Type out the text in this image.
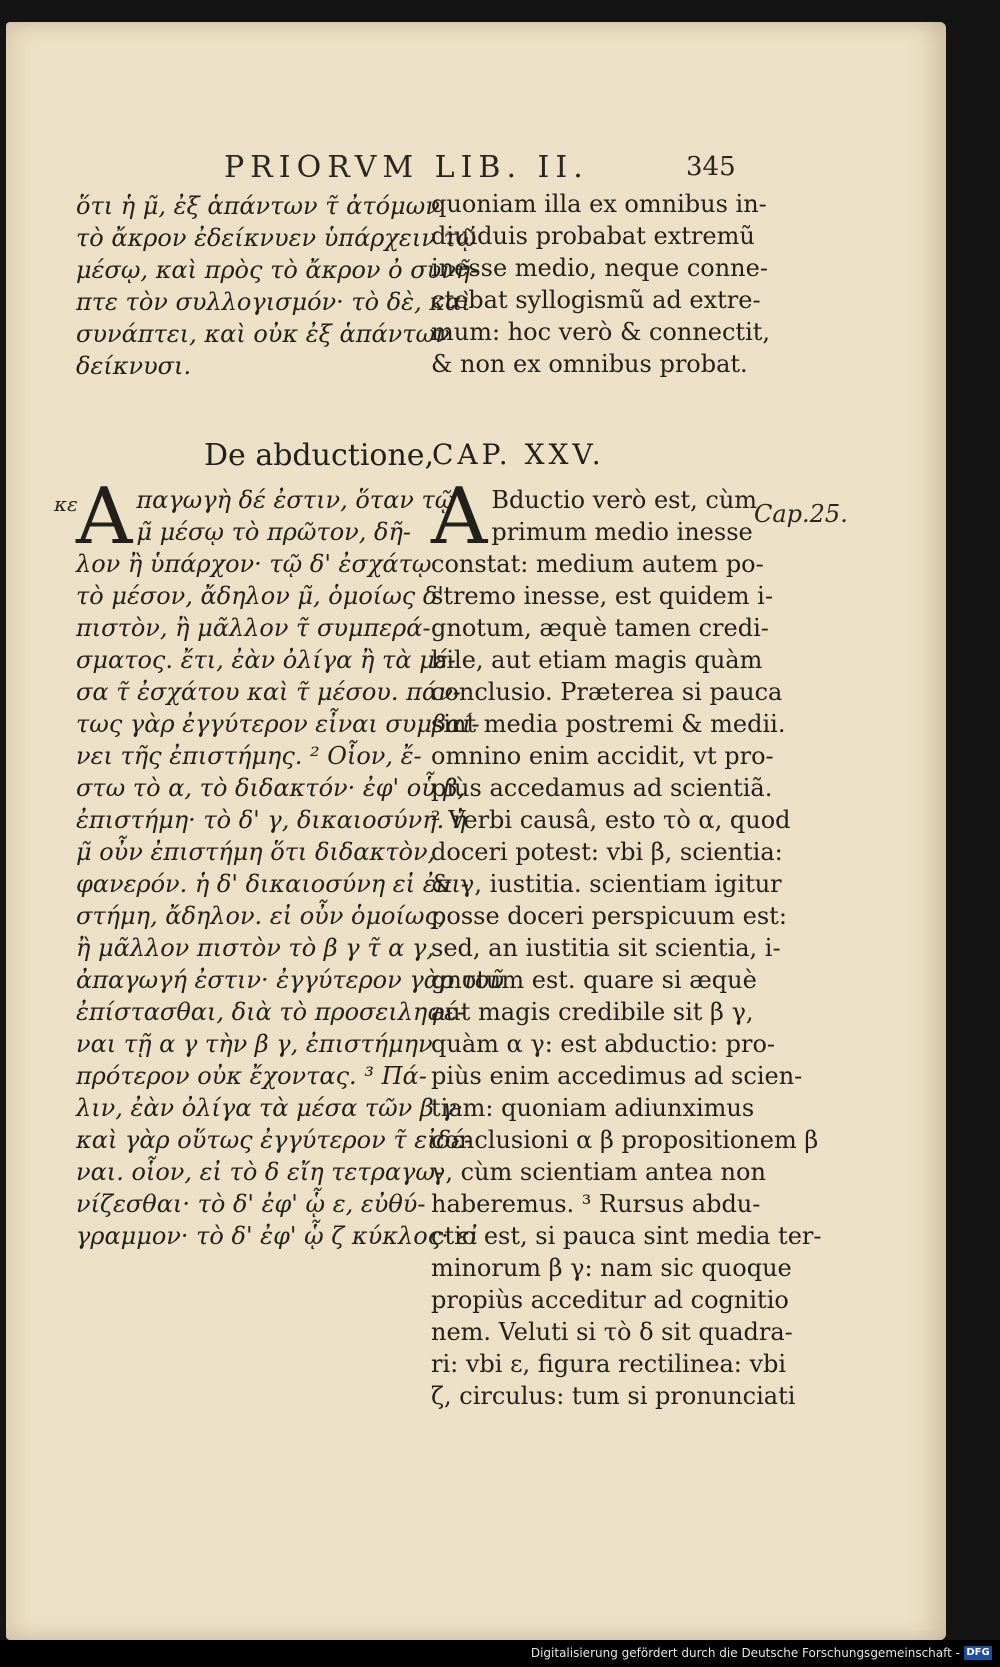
PRIORVM LIB. II.	345
ὅτι ἡ μ̃, ἐξ ἁπάντων τ̃ ἀτόμων
τὸ ἄκρον ἐδείκνυεν ὑπάρχειν τῷ
μέσῳ, καὶ πρὸς τὸ ἄκρον ὀ συνῆ-
πτε τὸν συλλογισμόν· τὸ δὲ, καὶ
συνάπτει, καὶ οὐκ ἐξ ἁπάντων
δείκνυσι.
quoniam illa ex omnibus in-
diuiduis probabat extremũ
inesse medio, neque conne-
ctebat syllogismũ ad extre-
mum: hoc verò & connectit,
& non ex omnibus probat.
De abductione,
CAP. XXV.
κε	Cap.25.
Α παγωγὴ δέ ἐστιν, ὅταν τῷ
μ̃ μέσῳ τὸ πρῶτον, δῆ-
λον ἢ ὑπάρχον· τῷ δ' ἐσχάτῳ
τὸ μέσον, ἄδηλον μ̃, ὁμοίως δ'
πιστὸν, ἢ μᾶλλον τ̃ συμπερά-
σματος. ἔτι, ἐὰν ὀλίγα ἢ τὰ μέ-
σα τ̃ ἐσχάτου καὶ τ̃ μέσου. πάν-
τως γὰρ ἐγγύτερον εἶναι συμβαί-
νει τῆς ἐπιστήμης. ² Οἷον, ἔ-
στω τὸ α, τὸ διδακτόν· ἐφ' οὗ β,
ἐπιστήμη· τὸ δ' γ, δικαιοσύνη. ἡ
μ̃ οὖν ἐπιστήμη ὅτι διδακτὸν,
φανερόν. ἡ δ' δικαιοσύνη εἰ ἐπι-
στήμη, ἄδηλον. εἰ οὖν ὁμοίως,
ἢ μᾶλλον πιστὸν τὸ β γ τ̃ α γ,
ἀπαγωγή ἐστιν· ἐγγύτερον γὰρ τοῦ
ἐπίστασθαι, διὰ τὸ προσειληφέ-
ναι τῇ α γ τὴν β γ, ἐπιστήμην
πρότερον οὐκ ἔχοντας. ³ Πά-
λιν, ἐὰν ὀλίγα τὰ μέσα τῶν β γ·
καὶ γὰρ οὕτως ἐγγύτερον τ̃ εἰδέ-
ναι. οἷον, εἰ τὸ δ εἴη τετραγω-
νίζεσθαι· τὸ δ' ἐφ' ᾧ ε, εὐθύ-
γραμμον· τὸ δ' ἐφ' ᾧ ζ κύκλος· εἰ
A Bductio verò est, cùm
primum medio inesse
constat: medium autem po-
stremo inesse, est quidem i-
gnotum, æquè tamen credi-
bile, aut etiam magis quàm
conclusio. Præterea si pauca
sint media postremi & medii.
omnino enim accidit, vt pro-
piùs accedamus ad scientiã.
² Verbi causâ, esto τὸ α, quod
doceri potest: vbi β, scientia:
& γ, iustitia. scientiam igitur
posse doceri perspicuum est:
sed, an iustitia sit scientia, i-
gnotum est. quare si æquè
aut magis credibile sit β γ,
quàm α γ: est abductio: pro-
piùs enim accedimus ad scien-
tiam: quoniam adiunximus
conclusioni α β propositionem β
γ, cùm scientiam antea non
haberemus. ³ Rursus abdu-
ctio est, si pauca sint media ter-
minorum β γ: nam sic quoque
propiùs acceditur ad cognitio
nem. Veluti si τὸ δ sit quadra-
ri: vbi ε, figura rectilinea: vbi
ζ, circulus: tum si pronunciati
Digitalisierung gefördert durch die Deutsche Forschungsgemeinschaft - DFG
